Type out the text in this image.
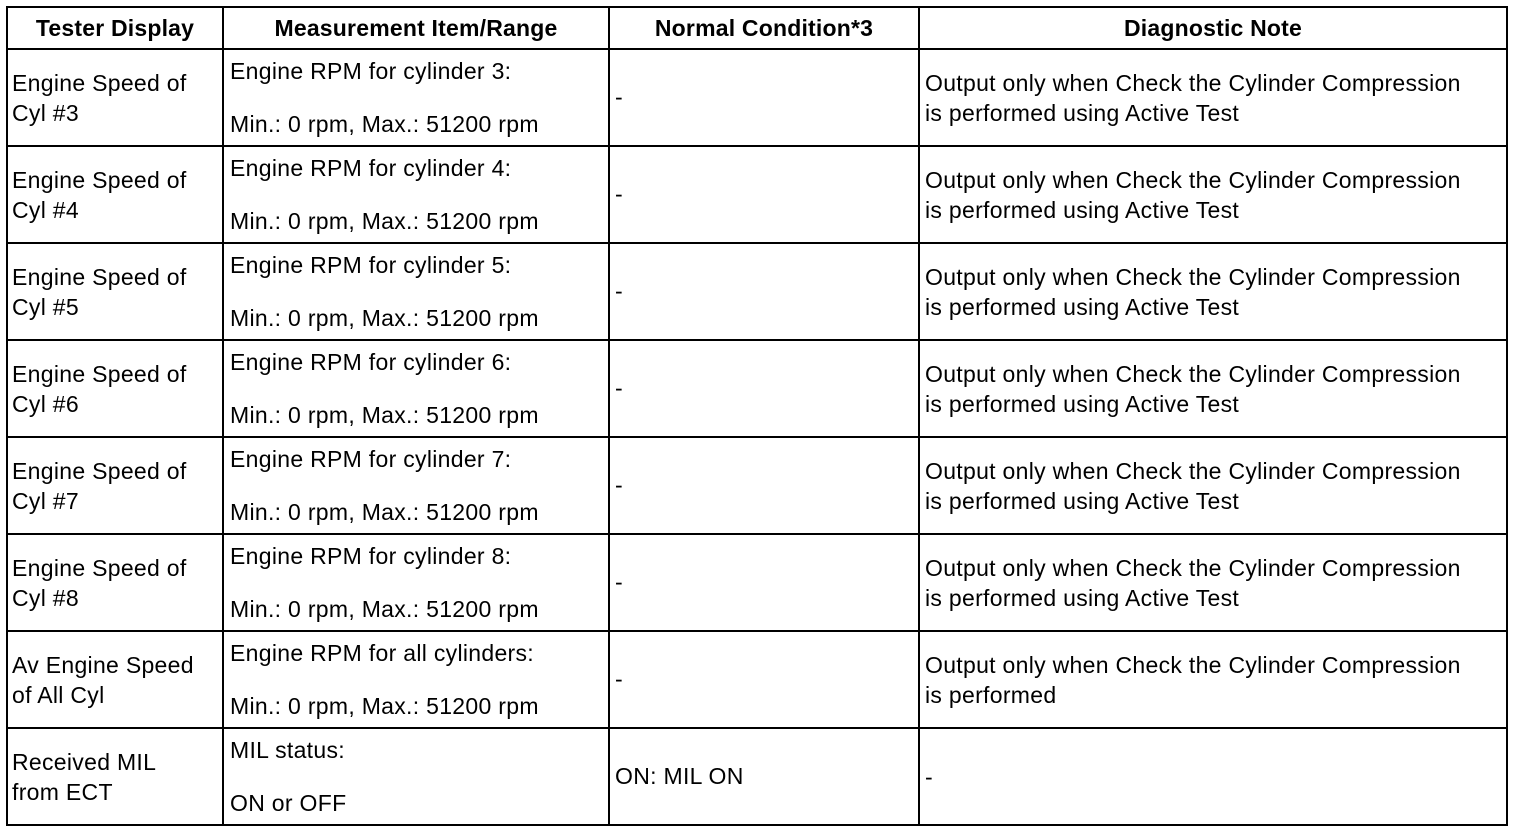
Tester Display	Measurement Item/Range	Normal Condition*3	Diagnostic Note

Engine Speed of
Cyl #3	Engine RPM for cylinder 3:
Min.: 0 rpm, Max.: 51200 rpm	-	Output only when Check the Cylinder Compression
is performed using Active Test

Engine Speed of
Cyl #4	Engine RPM for cylinder 4:
Min.: 0 rpm, Max.: 51200 rpm	-	Output only when Check the Cylinder Compression
is performed using Active Test

Engine Speed of
Cyl #5	Engine RPM for cylinder 5:
Min.: 0 rpm, Max.: 51200 rpm	-	Output only when Check the Cylinder Compression
is performed using Active Test

Engine Speed of
Cyl #6	Engine RPM for cylinder 6:
Min.: 0 rpm, Max.: 51200 rpm	-	Output only when Check the Cylinder Compression
is performed using Active Test

Engine Speed of
Cyl #7	Engine RPM for cylinder 7:
Min.: 0 rpm, Max.: 51200 rpm	-	Output only when Check the Cylinder Compression
is performed using Active Test

Engine Speed of
Cyl #8	Engine RPM for cylinder 8:
Min.: 0 rpm, Max.: 51200 rpm	-	Output only when Check the Cylinder Compression
is performed using Active Test

Av Engine Speed
of All Cyl	Engine RPM for all cylinders:
Min.: 0 rpm, Max.: 51200 rpm	-	Output only when Check the Cylinder Compression
is performed

Received MIL
from ECT	MIL status:
ON or OFF	ON: MIL ON	-
